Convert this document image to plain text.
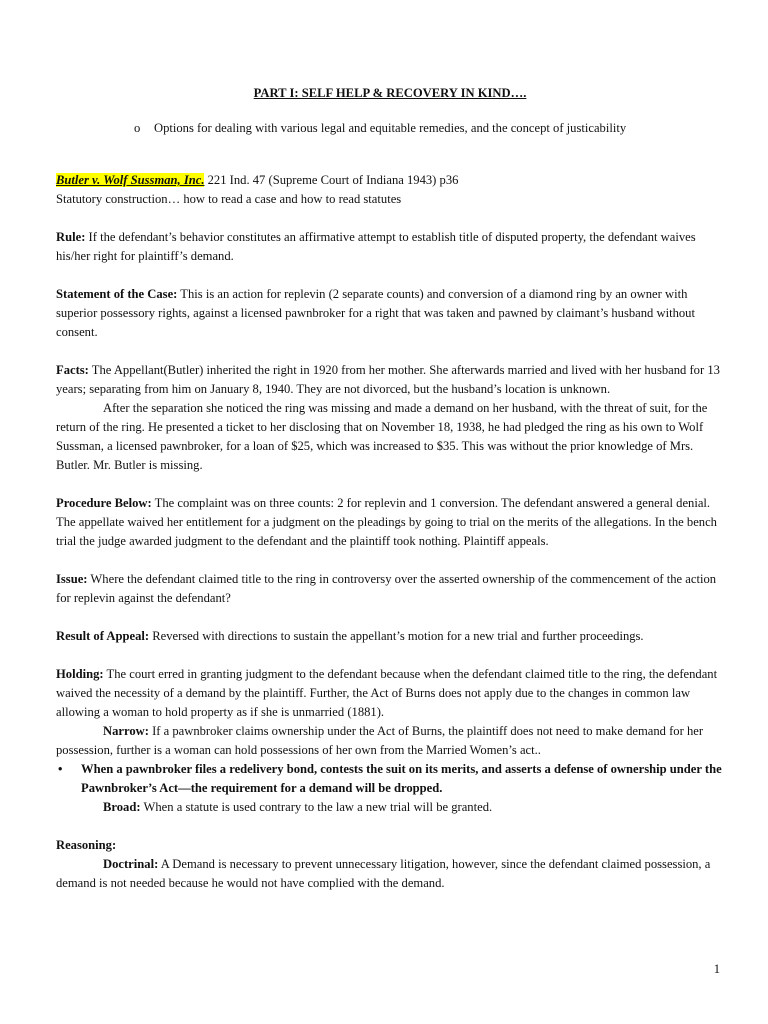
PART I: SELF HELP & RECOVERY IN KIND….

o Options for dealing with various legal and equitable remedies, and the concept of justicability

Butler v. Wolf Sussman, Inc. 221 Ind. 47 (Supreme Court of Indiana 1943) p36

Statutory construction… how to read a case and how to read statutes

Rule: If the defendant’s behavior constitutes an affirmative attempt to establish title of disputed property, the defendant waives his/her right for plaintiff’s demand.

Statement of the Case: This is an action for replevin (2 separate counts) and conversion of a diamond ring by an owner with superior possessory rights, against a licensed pawnbroker for a right that was taken and pawned by claimant’s husband without consent.

Facts: The Appellant(Butler) inherited the right in 1920 from her mother. She afterwards married and lived with her husband for 13 years; separating from him on January 8, 1940. They are not divorced, but the husband’s location is unknown.

After the separation she noticed the ring was missing and made a demand on her husband, with the threat of suit, for the return of the ring. He presented a ticket to her disclosing that on November 18, 1938, he had pledged the ring as his own to Wolf Sussman, a licensed pawnbroker, for a loan of $25, which was increased to $35. This was without the prior knowledge of Mrs. Butler. Mr. Butler is missing.

Procedure Below: The complaint was on three counts: 2 for replevin and 1 conversion. The defendant answered a general denial. The appellate waived her entitlement for a judgment on the pleadings by going to trial on the merits of the allegations. In the bench trial the judge awarded judgment to the defendant and the plaintiff took nothing. Plaintiff appeals.

Issue: Where the defendant claimed title to the ring in controversy over the asserted ownership of the commencement of the action for replevin against the defendant?

Result of Appeal: Reversed with directions to sustain the appellant’s motion for a new trial and further proceedings.

Holding: The court erred in granting judgment to the defendant because when the defendant claimed title to the ring, the defendant waived the necessity of a demand by the plaintiff. Further, the Act of Burns does not apply due to the changes in common law allowing a woman to hold property as if she is unmarried (1881).

Narrow: If a pawnbroker claims ownership under the Act of Burns, the plaintiff does not need to make demand for her possession, further is a woman can hold possessions of her own from the Married Women’s act..

• When a pawnbroker files a redelivery bond, contests the suit on its merits, and asserts a defense of ownership under the Pawnbroker’s Act—the requirement for a demand will be dropped.

Broad: When a statute is used contrary to the law a new trial will be granted.

Reasoning:

Doctrinal: A Demand is necessary to prevent unnecessary litigation, however, since the defendant claimed possession, a demand is not needed because he would not have complied with the demand.

1
